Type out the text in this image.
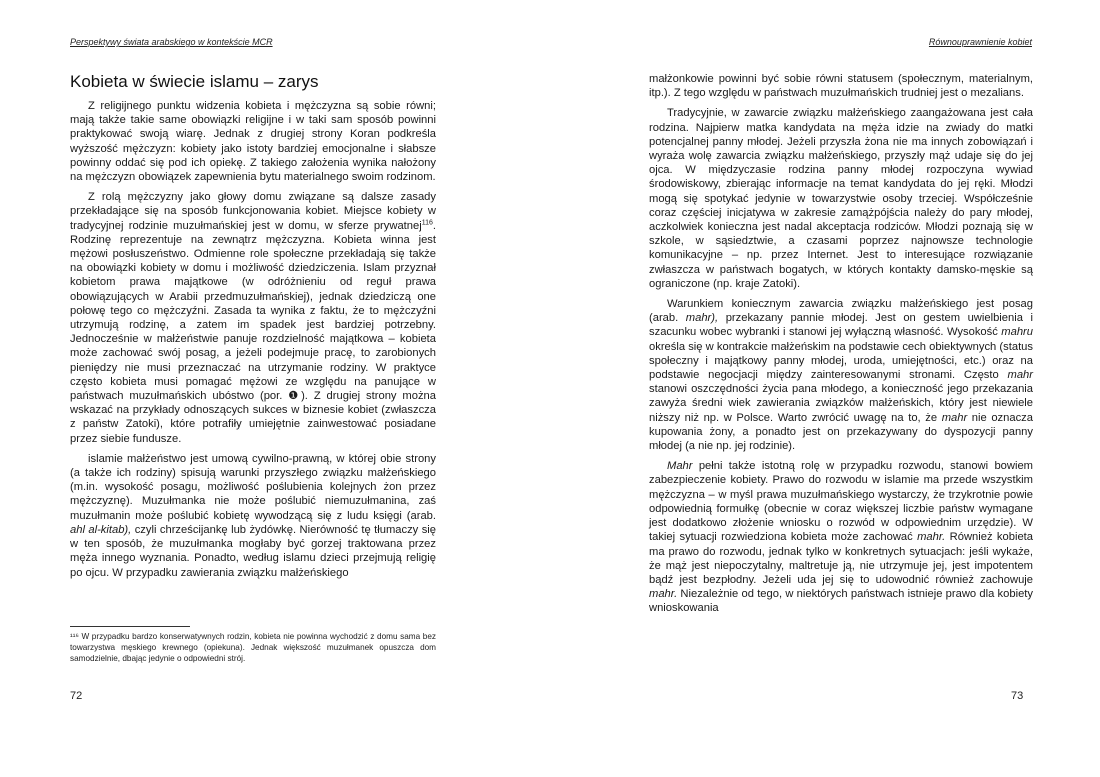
Perspektywy świata arabskiego w kontekście MCR
Kobieta w świecie islamu – zarys

Z religijnego punktu widzenia kobieta i mężczyzna są sobie równi; mają także takie same obowiązki religijne i w taki sam sposób powinni praktykować swoją wiarę. Jednak z drugiej strony Koran podkreśla wyższość mężczyzn: kobiety jako istoty bardziej emocjonalne i słabsze powinny oddać się pod ich opiekę. Z takiego założenia wynika nałożony na mężczyzn obowiązek zapewnienia bytu materialnego swoim rodzinom.

Z rolą mężczyzny jako głowy domu związane są dalsze zasady przekładające się na sposób funkcjonowania kobiet. Miejsce kobiety w tradycyjnej rodzinie muzułmańskiej jest w domu, w sferze prywatnej$^{116}$. Rodzinę reprezentuje na zewnątrz mężczyzna. Kobieta winna jest mężowi posłuszeństwo. Odmienne role społeczne przekładają się także na obowiązki kobiety w domu i możliwość dziedziczenia. Islam przyznał kobietom prawa majątkowe (w odróżnieniu od reguł prawa obowiązujących w Arabii przedmuzułmańskiej), jednak dziedziczą one połowę tego co mężczyźni. Zasada ta wynika z faktu, że to mężczyźni utrzymują rodzinę, a zatem im spadek jest bardziej potrzebny. Jednocześnie w małżeństwie panuje rozdzielność majątkowa – kobieta może zachować swój posag, a jeżeli podejmuje pracę, to zarobionych pieniędzy nie musi przeznaczać na utrzymanie rodziny. W praktyce często kobieta musi pomagać mężowi ze względu na panujące w państwach muzułmańskich ubóstwo (por. ❶). Z drugiej strony można wskazać na przykłady odnoszących sukces w biznesie kobiet (zwłaszcza z państw Zatoki), które potrafiły umiejętnie zainwestować posiadane przez siebie fundusze.

islamie małżeństwo jest umową cywilno-prawną, w której obie strony (a także ich rodziny) spisują warunki przyszłego związku małżeńskiego (m.in. wysokość posagu, możliwość poślubienia kolejnych żon przez mężczyznę). Muzułmanka nie może poślubić niemuzułmanina, zaś muzułmanin może poślubić kobietę wywodzącą się z ludu księgi (arab. ahl al-kitab), czyli chrześcijankę lub żydówkę. Nierówność tę tłumaczy się w ten sposób, że muzułmanka mogłaby być gorzej traktowana przez męża innego wyznania. Ponadto, według islamu dzieci przejmują religię po ojcu. W przypadku zawierania związku małżeńskiego

¹¹⁶ W przypadku bardzo konserwatywnych rodzin, kobieta nie powinna wychodzić z domu sama bez towarzystwa męskiego krewnego (opiekuna). Jednak większość muzułmanek opuszcza dom samodzielnie, dbając jedynie o odpowiedni strój.

72
Równouprawnienie kobiet

małżonkowie powinni być sobie równi statusem (społecznym, materialnym, itp.). Z tego względu w państwach muzułmańskich trudniej jest o mezalians.

Tradycyjnie, w zawarcie związku małżeńskiego zaangażowana jest cała rodzina. Najpierw matka kandydata na męża idzie na zwiady do matki potencjalnej panny młodej. Jeżeli przyszła żona nie ma innych zobowiązań i wyraża wolę zawarcia związku małżeńskiego, przyszły mąż udaje się do jej ojca. W międzyczasie rodzina panny młodej rozpoczyna wywiad środowiskowy, zbierając informacje na temat kandydata do jej ręki. Młodzi mogą się spotykać jedynie w towarzystwie osoby trzeciej. Współcześnie coraz częściej inicjatywa w zakresie zamążpójścia należy do pary młodej, aczkolwiek konieczna jest nadal akceptacja rodziców. Młodzi poznają się w szkole, w sąsiedztwie, a czasami poprzez najnowsze technologie komunikacyjne – np. przez Internet. Jest to interesujące rozwiązanie zwłaszcza w państwach bogatych, w których kontakty damsko-męskie są ograniczone (np. kraje Zatoki).

Warunkiem koniecznym zawarcia związku małżeńskiego jest posag (arab. mahr), przekazany pannie młodej. Jest on gestem uwielbienia i szacunku wobec wybranki i stanowi jej wyłączną własność. Wysokość mahru określa się w kontrakcie małżeńskim na podstawie cech obiektywnych (status społeczny i majątkowy panny młodej, uroda, umiejętności, etc.) oraz na podstawie negocjacji między zainteresowanymi stronami. Często mahr stanowi oszczędności życia pana młodego, a konieczność jego przekazania zawyża średni wiek zawierania związków małżeńskich, który jest niewiele niższy niż np. w Polsce. Warto zwrócić uwagę na to, że mahr nie oznacza kupowania żony, a ponadto jest on przekazywany do dyspozycji panny młodej (a nie np. jej rodzinie).

Mahr pełni także istotną rolę w przypadku rozwodu, stanowi bowiem zabezpieczenie kobiety. Prawo do rozwodu w islamie ma przede wszystkim mężczyzna – w myśl prawa muzułmańskiego wystarczy, że trzykrotnie powie odpowiednią formułkę (obecnie w coraz większej liczbie państw wymagane jest dodatkowo złożenie wniosku o rozwód w odpowiednim urzędzie). W takiej sytuacji rozwiedziona kobieta może zachować mahr. Również kobieta ma prawo do rozwodu, jednak tylko w konkretnych sytuacjach: jeśli wykaże, że mąż jest niepoczytalny, maltretuje ją, nie utrzymuje jej, jest impotentem bądź jest bezpłodny. Jeżeli uda jej się to udowodnić również zachowuje mahr. Niezależnie od tego, w niektórych państwach istnieje prawo dla kobiety wnioskowania

73
